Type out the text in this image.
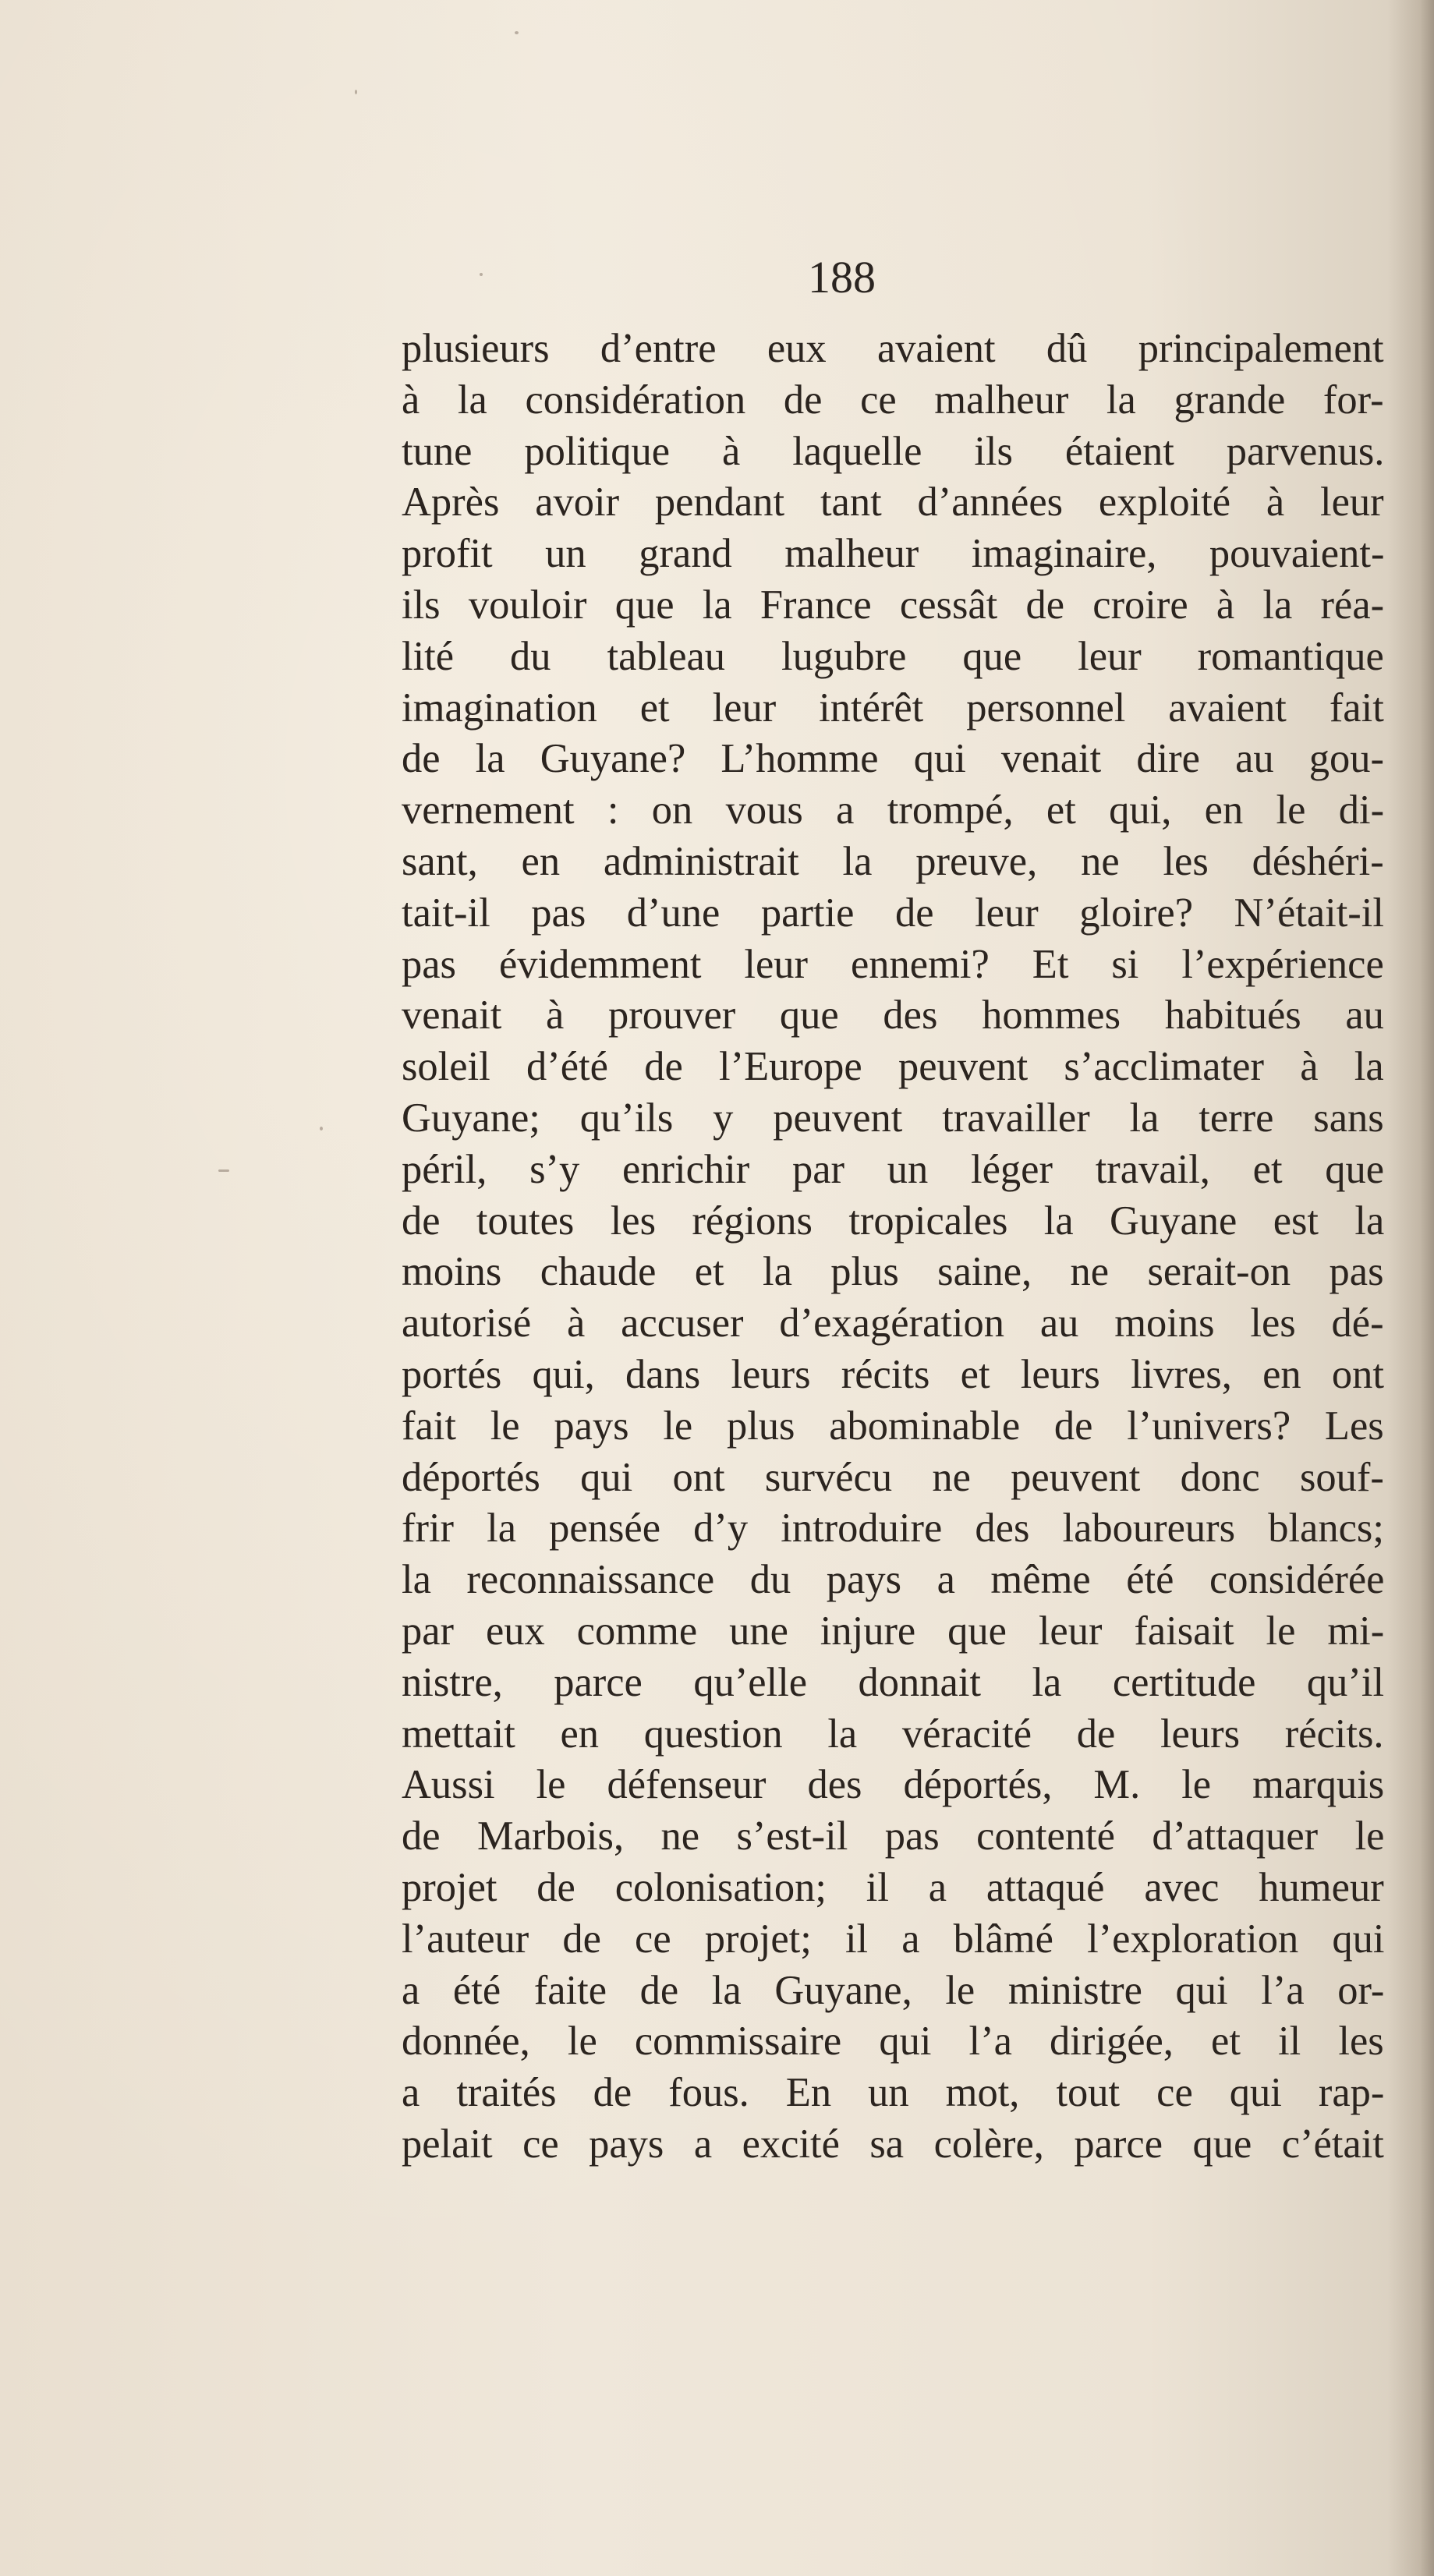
188
plusieurs d’entre eux avaient dû principalement
à la considération de ce malheur la grande for-
tune politique à laquelle ils étaient parvenus.
Après avoir pendant tant d’années exploité à leur
profit un grand malheur imaginaire, pouvaient-
ils vouloir que la France cessât de croire à la réa-
lité du tableau lugubre que leur romantique
imagination et leur intérêt personnel avaient fait
de la Guyane? L’homme qui venait dire au gou-
vernement : on vous a trompé, et qui, en le di-
sant, en administrait la preuve, ne les déshéri-
tait-il pas d’une partie de leur gloire? N’était-il
pas évidemment leur ennemi? Et si l’expérience
venait à prouver que des hommes habitués au
soleil d’été de l’Europe peuvent s’acclimater à la
Guyane; qu’ils y peuvent travailler la terre sans
péril, s’y enrichir par un léger travail, et que
de toutes les régions tropicales la Guyane est la
moins chaude et la plus saine, ne serait-on pas
autorisé à accuser d’exagération au moins les dé-
portés qui, dans leurs récits et leurs livres, en ont
fait le pays le plus abominable de l’univers? Les
déportés qui ont survécu ne peuvent donc souf-
frir la pensée d’y introduire des laboureurs blancs;
la reconnaissance du pays a même été considérée
par eux comme une injure que leur faisait le mi-
nistre, parce qu’elle donnait la certitude qu’il
mettait en question la véracité de leurs récits.
Aussi le défenseur des déportés, M. le marquis
de Marbois, ne s’est-il pas contenté d’attaquer le
projet de colonisation; il a attaqué avec humeur
l’auteur de ce projet; il a blâmé l’exploration qui
a été faite de la Guyane, le ministre qui l’a or-
donnée, le commissaire qui l’a dirigée, et il les
a traités de fous. En un mot, tout ce qui rap-
pelait ce pays a excité sa colère, parce que c’était
